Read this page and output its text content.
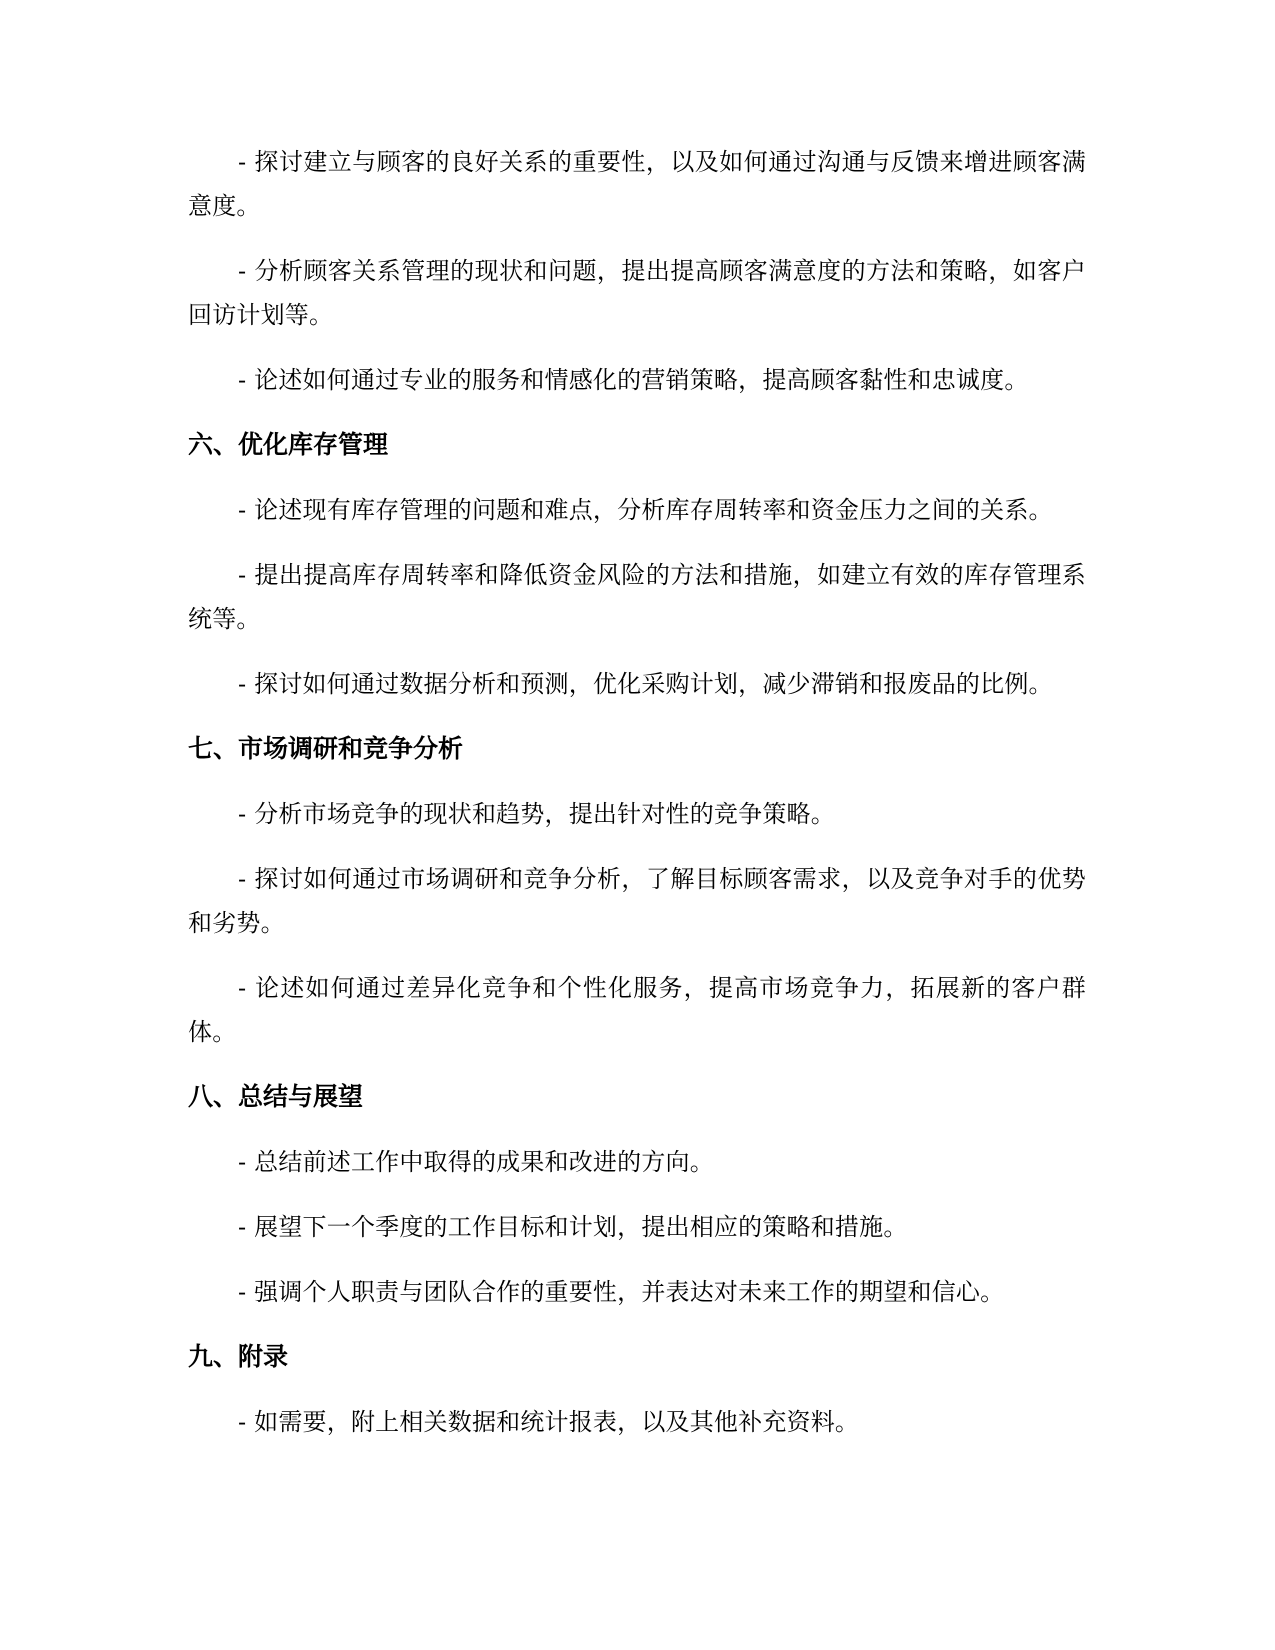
- 探讨建立与顾客的良好关系的重要性，以及如何通过沟通与反馈来增进顾客满意度。

- 分析顾客关系管理的现状和问题，提出提高顾客满意度的方法和策略，如客户回访计划等。

- 论述如何通过专业的服务和情感化的营销策略，提高顾客黏性和忠诚度。

六、优化库存管理

- 论述现有库存管理的问题和难点，分析库存周转率和资金压力之间的关系。

- 提出提高库存周转率和降低资金风险的方法和措施，如建立有效的库存管理系统等。

- 探讨如何通过数据分析和预测，优化采购计划，减少滞销和报废品的比例。

七、市场调研和竞争分析

- 分析市场竞争的现状和趋势，提出针对性的竞争策略。

- 探讨如何通过市场调研和竞争分析，了解目标顾客需求，以及竞争对手的优势和劣势。

- 论述如何通过差异化竞争和个性化服务，提高市场竞争力，拓展新的客户群体。

八、总结与展望

- 总结前述工作中取得的成果和改进的方向。

- 展望下一个季度的工作目标和计划，提出相应的策略和措施。

- 强调个人职责与团队合作的重要性，并表达对未来工作的期望和信心。

九、附录

- 如需要，附上相关数据和统计报表，以及其他补充资料。
